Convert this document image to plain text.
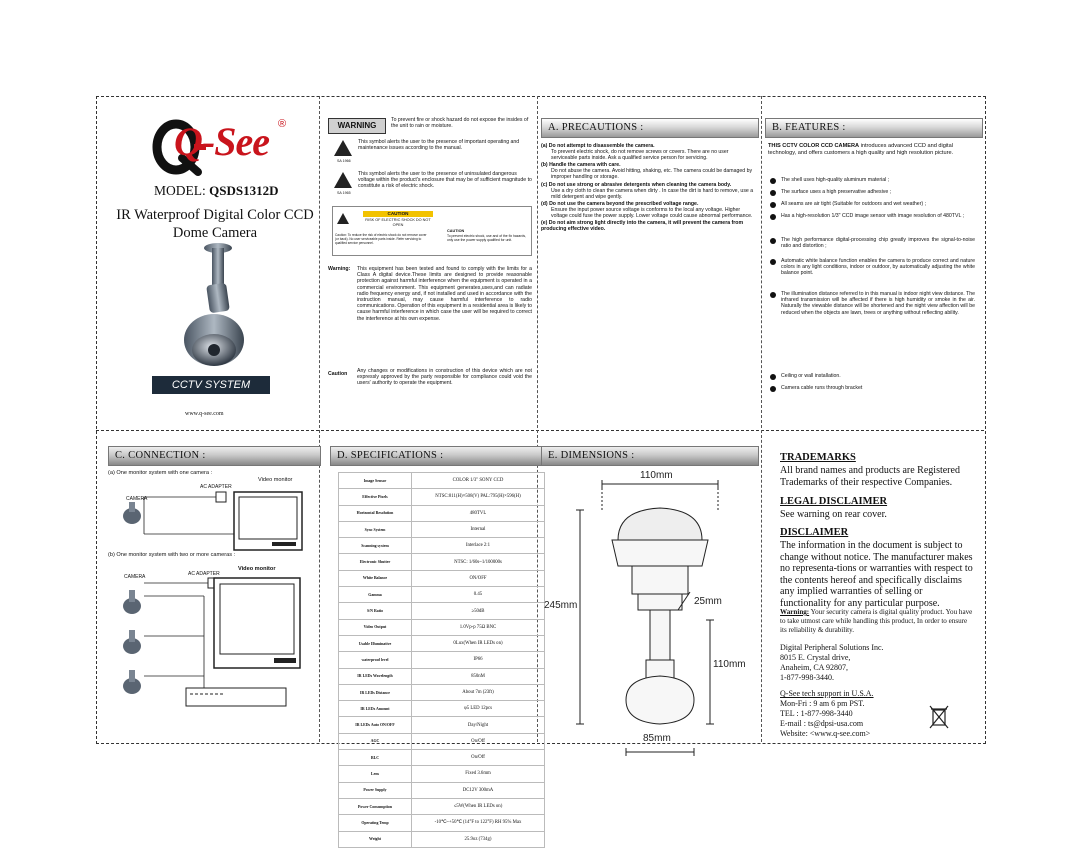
Q-See ®
MODEL: QSDS1312D
IR Waterproof Digital Color CCD
Dome Camera
CCTV SYSTEM
www.q-see.com
WARNING
To prevent fire or shock hazard do not expose the insides of the unit to rain or moisture.
SA 1966
This symbol alerts the user to the presence of important operating and maintenance issues according to the manual.
SA 1965
This symbol alerts the user to the presence of uninsulated dangerous voltage within the product's enclosure that may be of sufficient magnitude to constitute a risk of electric shock.
CAUTION
RISK OF ELECTRIC SHOCK DO NOT OPEN
Caution: To reduce the risk of electric shock do not remove cover (or back). No user serviceable parts inside. Refer servicing to qualified service personnel.
CAUTION
To prevent electric shock, use and of the fix hazards, only use the power supply qualified for unit.
Warning: This equipment has been tested and found to comply with the limits for a Class A digital device.These limits are designed to provide reasonable protection against harmful interference when the equipment is operated in a commercial environment. This equipment generates,uses,and can radiate radio frequency energy and, if not installed and used in accordance with the instruction manual, may cause harmful interference to radio communications. Operation of this equipment in a residential area is likely to cause harmful interference in which case the user will be required to correct the interference at his own expense.
Caution Any changes or modifications in construction of this device which are not expressly approved by the party responsible for compliance could void the users' authority to operate the equipment.
A. PRECAUTIONS :
(a) Do not attempt to disassemble the camera.
To prevent electric shock, do not remove screws or covers. There are no user serviceable parts inside. Ask a qualified service person for servicing.
(b) Handle the camera with care.
Do not abuse the camera. Avoid hitting, shaking, etc. The camera could be damaged by improper handling or storage.
(c) Do not use strong or abrasive detergents when cleaning the camera body.
Use a dry cloth to clean the camera when dirty . In case the dirt is hard to remove, use a mild detergent and wipe gently.
(d) Do not use the camera beyond the prescribed voltage range.
Ensure the input power source voltage is conforms to the local any voltage. Higher voltage could fuse the power supply. Lower voltage could cause abnormal performance.
(e) Do not aim strong light directly into the camera, it will prevent the camera from producing effective video.
B. FEATURES :
THIS CCTV COLOR CCD CAMERA introduces advanced CCD and digital technology, and offers customers a high quality and high resolution picture.
The shell uses high-quality aluminum material ;
The surface uses a high preservative adhesive ;
All seams are air tight (Suitable for outdoors and wet weather) ;
Has a high-resolution 1/3" CCD image sensor with image resolution of 480TVL ;
The high performance digital-processing chip greatly improves the signal-to-noise ratio and distortion ;
Automatic white balance function enables the camera to produce correct and nature colors in any light conditions, indoor or outdoor, by automatically adjusting the white balance point.
The illumination distance referred to in this manual is indoor night view distance. The infrared transmission will be affected if there is high humidity or smoke in the air. Naturally the viewable distance will be shortened and the night view affection will be reduced when the objects are lawn, trees or anything without reflecting ability.
Ceiling or wall installation.
Camera cable runs through bracket
C. CONNECTION :
(a) One monitor system with one camera :
Video monitor
AC ADAPTER
CAMERA
(b) One monitor system with two or more cameras :
Video monitor
AC ADAPTER
CAMERA
D. SPECIFICATIONS :
Image Sensor	COLOR 1/3" SONY CCD
Effective Pixels	NTSC:811(H)×508(V) PAL:795(H)×596(H)
Horizontal Resolution	480TVL
Sync System	Internal
Scanning system	Interlace 2:1
Electronic Shutter	NTSC: 1/60s~1/100000s
White Balance	ON/OFF
Gamma	0.45
S/N Ratio	≥50dB
Video Output	1.0Vp-p 75Ω BNC
Usable Illuminative	0Lux(When IR LEDs on)
waterproof level	IP66
IR LEDs Wavelength	850nM
IR LEDs Distance	About 7m (23ft)
IR LEDs Amount	φ5 LED 12pcs
IR LEDs Auto ON/OFF	Day/Night
AGC	On/Off
BLC	On/Off
Lens	Fixed 3.6mm
Power Supply	DC12V 300mA
Power Consumption	≤5W(When IR LEDs on)
Operating Temp	-10℃~+50℃ (14°F to 122°F) RH 95% Max
Weight	25.9oz (734g)
E. DIMENSIONS :
110mm
245mm	25mm
110mm
85mm
TRADEMARKS
All brand names and products are Registered Trademarks of their respective Companies.
LEGAL DISCLAIMER
See warning on rear cover.
DISCLAIMER
The information in the document is subject to change without notice. The manufacturer makes no representa-tions or warranties with respect to the contents hereof and specifically disclaims any implied warranties of selling or functionality for any particular purpose.
Warning: Your security camera is digital quality product. You have to take utmost care while handling this product, In order to ensure its reliability & durability.
Digital Peripheral Solutions Inc.
8015 E. Crystal drive,
Anaheim, CA 92807,
1-877-998-3440.
Q-See tech support in U.S.A.
Mon-Fri : 9 am 6 pm PST.
TEL : 1-877-998-3440
E-mail : ts@dpsi-usa.com
Website: <www.q-see.com>
